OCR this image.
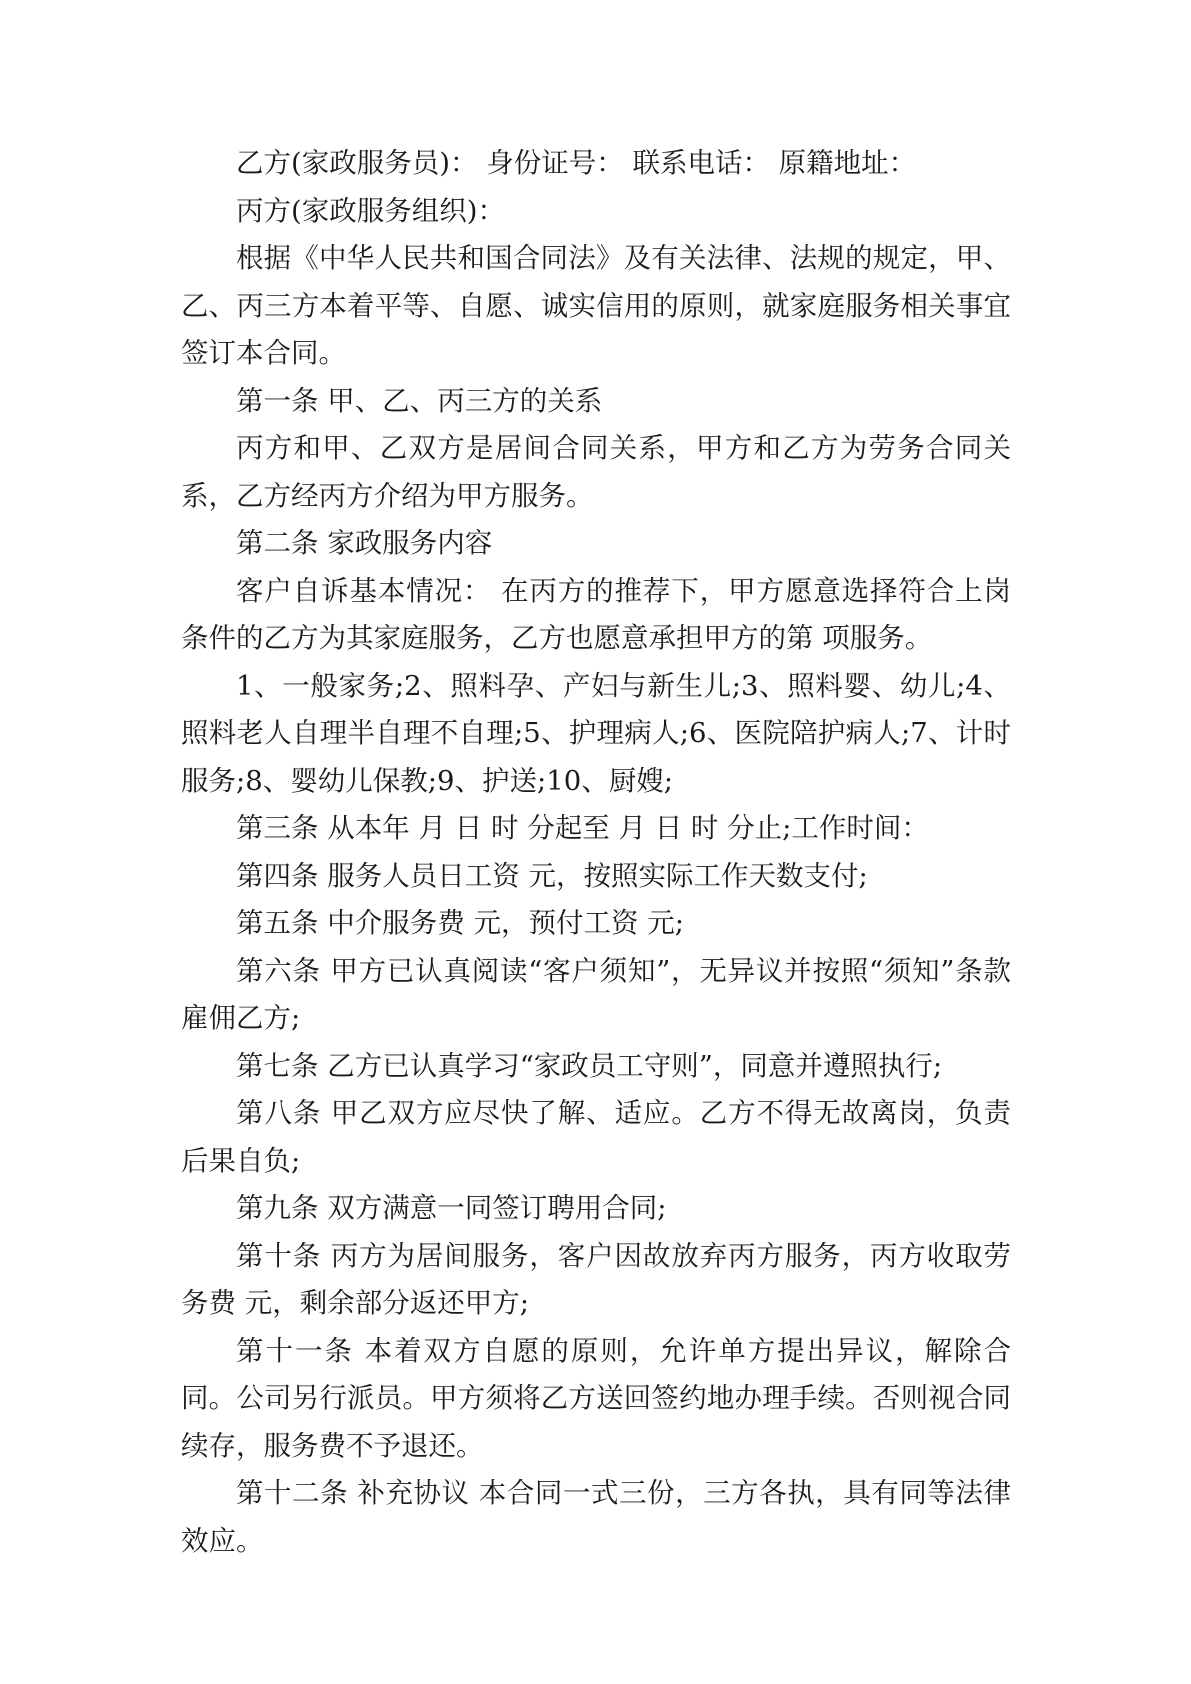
乙方(家政服务员)： 身份证号： 联系电话： 原籍地址：

丙方(家政服务组织)：

根据《中华人民共和国合同法》及有关法律、法规的规定，甲、乙、丙三方本着平等、自愿、诚实信用的原则，就家庭服务相关事宜签订本合同。

第一条 甲、乙、丙三方的关系

丙方和甲、乙双方是居间合同关系，甲方和乙方为劳务合同关系，乙方经丙方介绍为甲方服务。

第二条 家政服务内容

客户自诉基本情况： 在丙方的推荐下，甲方愿意选择符合上岗条件的乙方为其家庭服务，乙方也愿意承担甲方的第 项服务。

1、一般家务;2、照料孕、产妇与新生儿;3、照料婴、幼儿;4、照料老人自理半自理不自理;5、护理病人;6、医院陪护病人;7、计时服务;8、婴幼儿保教;9、护送;10、厨嫂;

第三条 从本年 月 日 时 分起至 月 日 时 分止;工作时间：

第四条 服务人员日工资 元，按照实际工作天数支付;

第五条 中介服务费 元，预付工资 元;

第六条 甲方已认真阅读“客户须知”，无异议并按照“须知”条款雇佣乙方;

第七条 乙方已认真学习“家政员工守则”，同意并遵照执行;

第八条 甲乙双方应尽快了解、适应。乙方不得无故离岗，负责后果自负;

第九条 双方满意一同签订聘用合同;

第十条 丙方为居间服务，客户因故放弃丙方服务，丙方收取劳务费 元，剩余部分返还甲方;

第十一条 本着双方自愿的原则，允许单方提出异议，解除合同。公司另行派员。甲方须将乙方送回签约地办理手续。否则视合同续存，服务费不予退还。

第十二条 补充协议 本合同一式三份，三方各执，具有同等法律效应。
